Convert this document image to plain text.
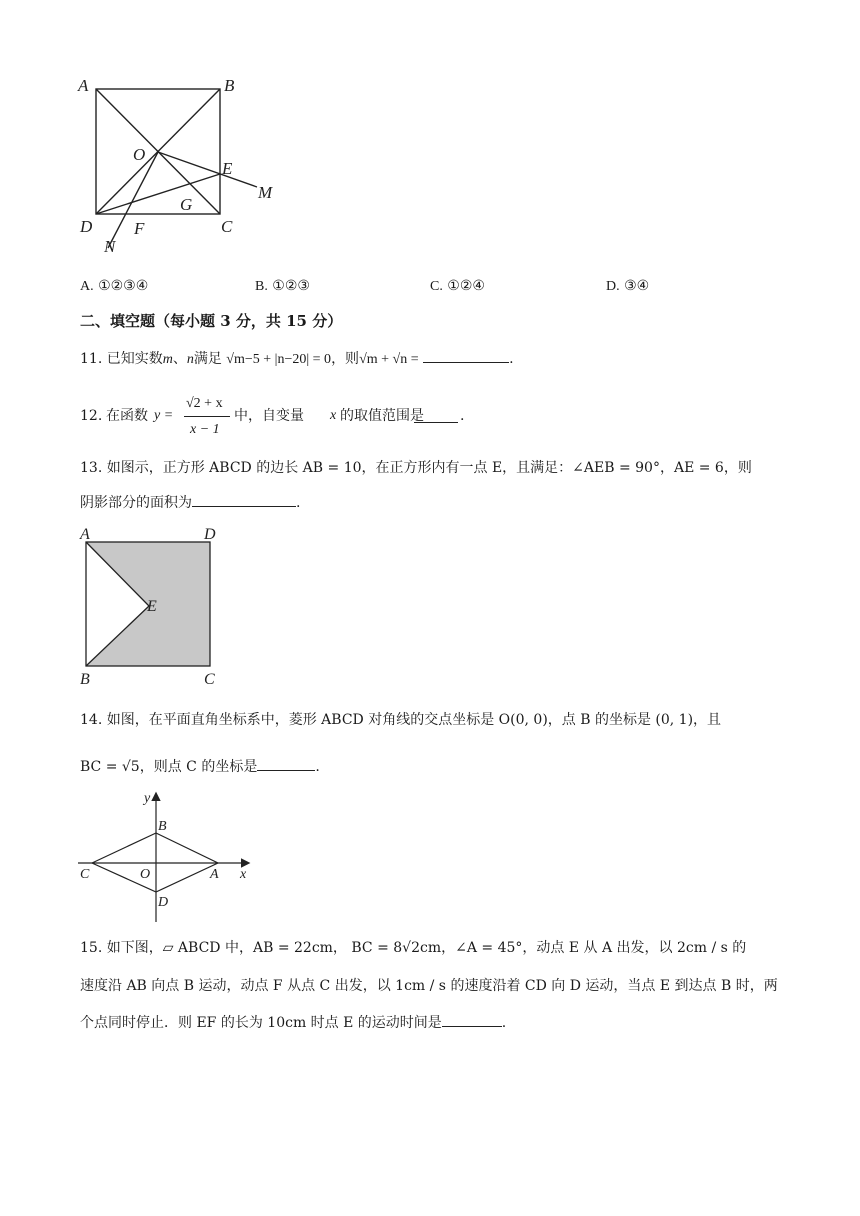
A	B
C
D
O
E
M
G
F
N
A. ①②③④	B. ①②③	C. ①②④	D. ③④
二、填空题（每小题 3 分，共 15 分）
11. 已知实数m、n满足 √m−5 + |n−20| = 0，则√m + √n =	.
12. 在函数 y =
√2 + x
x − 1
中，自变量 x 的取值范围是	.
13. 如图示，正方形 ABCD 的边长 AB = 10，在正方形内有一点 E，且满足：∠AEB = 90°，AE = 6，则
阴影部分的面积为	.
A	D
E
B	C
14. 如图，在平面直角坐标系中，菱形 ABCD 对角线的交点坐标是 O(0, 0)，点 B 的坐标是 (0, 1)，且
BC = √5，则点 C 的坐标是	.
y
x
B
C	O	A
D
15. 如下图，▱ ABCD 中，AB = 22cm， BC = 8√2cm，∠A = 45°，动点 E 从 A 出发，以 2cm / s 的
速度沿 AB 向点 B 运动，动点 F 从点 C 出发，以 1cm / s 的速度沿着 CD 向 D 运动，当点 E 到达点 B 时，两
个点同时停止．则 EF 的长为 10cm 时点 E 的运动时间是	.
